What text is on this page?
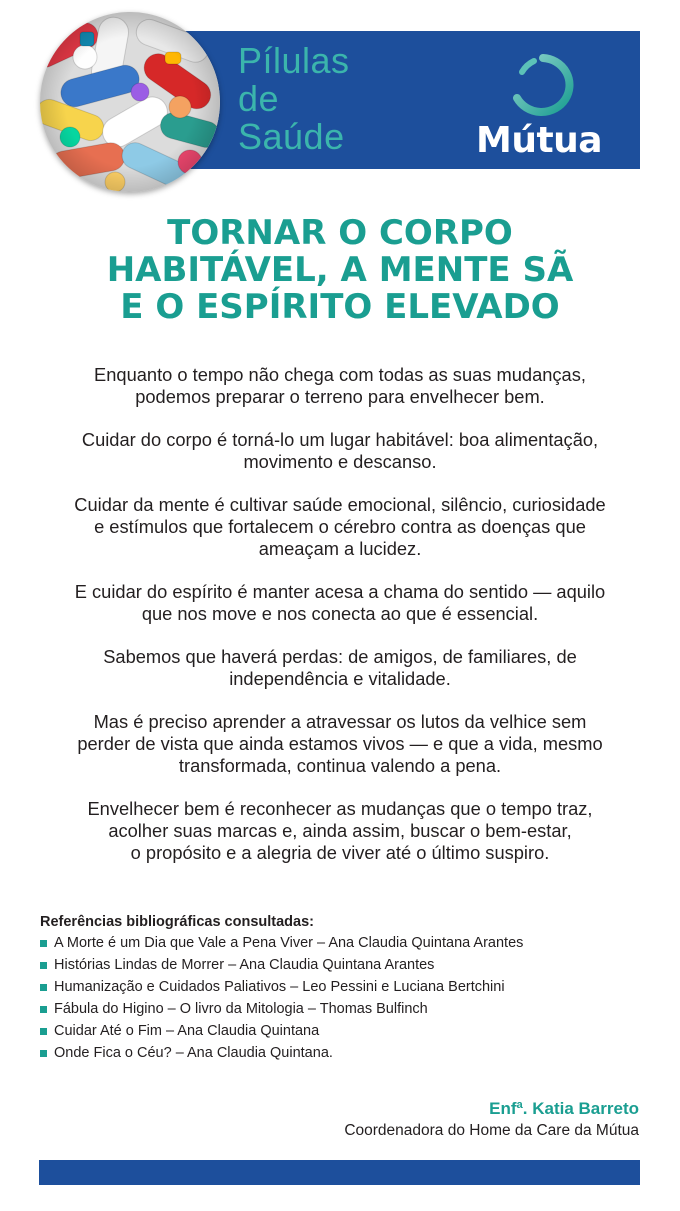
Pílulas
de
Saúde	Mútua
TORNAR O CORPO
HABITÁVEL, A MENTE SÃ
E O ESPÍRITO ELEVADO

Enquanto o tempo não chega com todas as suas mudanças,
podemos preparar o terreno para envelhecer bem.

Cuidar do corpo é torná-lo um lugar habitável: boa alimentação,
movimento e descanso.

Cuidar da mente é cultivar saúde emocional, silêncio, curiosidade
e estímulos que fortalecem o cérebro contra as doenças que
ameaçam a lucidez.

E cuidar do espírito é manter acesa a chama do sentido — aquilo
que nos move e nos conecta ao que é essencial.

Sabemos que haverá perdas: de amigos, de familiares, de
independência e vitalidade.

Mas é preciso aprender a atravessar os lutos da velhice sem
perder de vista que ainda estamos vivos — e que a vida, mesmo
transformada, continua valendo a pena.

Envelhecer bem é reconhecer as mudanças que o tempo traz,
acolher suas marcas e, ainda assim, buscar o bem-estar,
o propósito e a alegria de viver até o último suspiro.

Referências bibliográficas consultadas:
A Morte é um Dia que Vale a Pena Viver – Ana Claudia Quintana Arantes
Histórias Lindas de Morrer – Ana Claudia Quintana Arantes
Humanização e Cuidados Paliativos – Leo Pessini e Luciana Bertchini
Fábula do Higino – O livro da Mitologia – Thomas Bulfinch
Cuidar Até o Fim – Ana Claudia Quintana
Onde Fica o Céu? – Ana Claudia Quintana.
Enfª. Katia Barreto
Coordenadora do Home da Care da Mútua
